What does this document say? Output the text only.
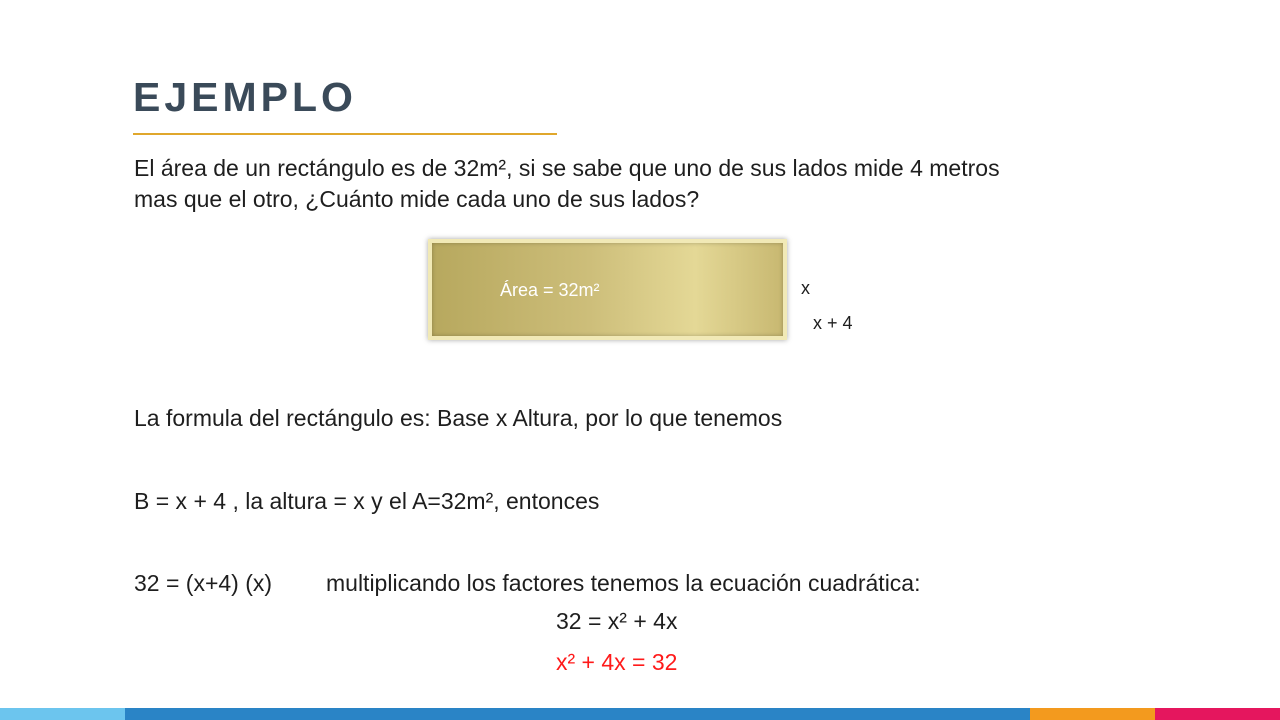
EJEMPLO
El área de un rectángulo es de 32m², si se sabe que uno de sus lados mide 4 metros
mas que el otro, ¿Cuánto mide cada uno de sus lados?
Área = 32m²	x
x + 4
La formula del rectángulo es: Base x Altura, por lo que tenemos
B = x + 4 , la altura = x y el A=32m², entonces
32 = (x+4) (x) multiplicando los factores tenemos la ecuación cuadrática:
32 = x² + 4x
x² + 4x = 32
